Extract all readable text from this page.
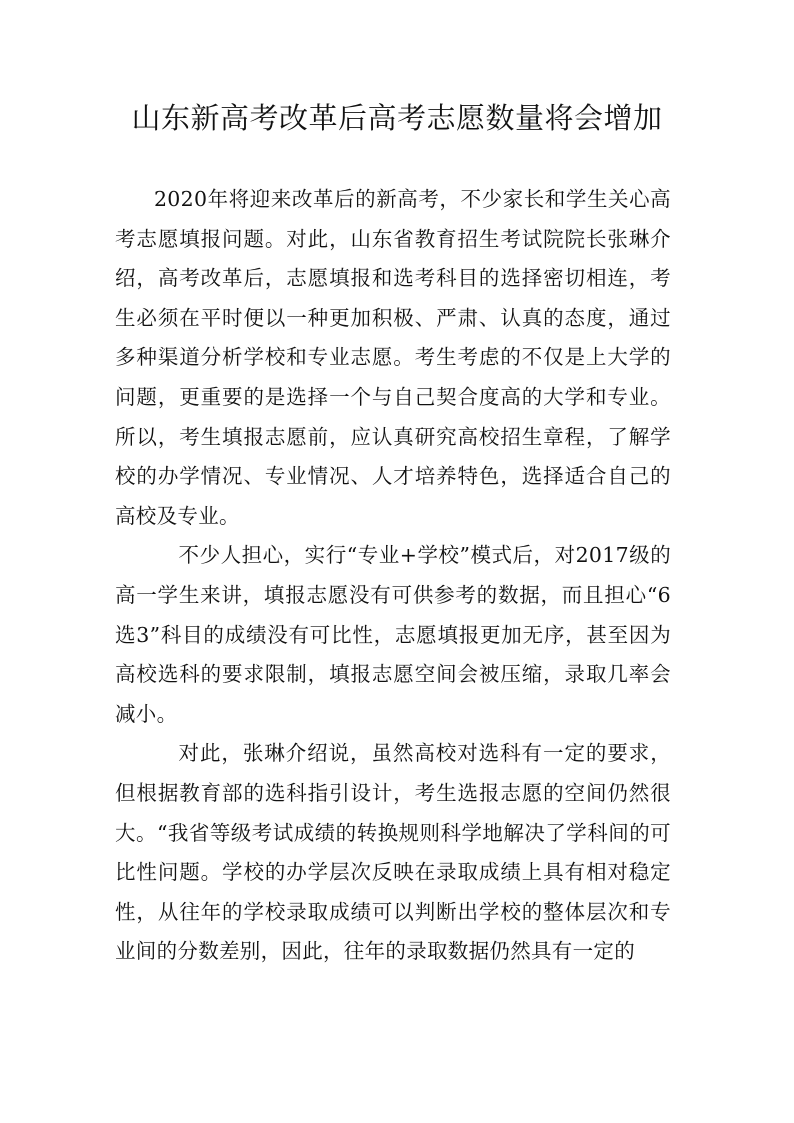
山东新高考改革后高考志愿数量将会增加

2020年将迎来改革后的新高考，不少家长和学生关心高考志愿填报问题。对此，山东省教育招生考试院院长张琳介绍，高考改革后，志愿填报和选考科目的选择密切相连，考生必须在平时便以一种更加积极、严肃、认真的态度，通过多种渠道分析学校和专业志愿。考生考虑的不仅是上大学的问题，更重要的是选择一个与自己契合度高的大学和专业。所以，考生填报志愿前，应认真研究高校招生章程，了解学校的办学情况、专业情况、人才培养特色，选择适合自己的高校及专业。

不少人担心，实行“专业+学校”模式后，对2017级的高一学生来讲，填报志愿没有可供参考的数据，而且担心“6选3”科目的成绩没有可比性，志愿填报更加无序，甚至因为高校选科的要求限制，填报志愿空间会被压缩，录取几率会减小。

对此，张琳介绍说，虽然高校对选科有一定的要求，但根据教育部的选科指引设计，考生选报志愿的空间仍然很大。“我省等级考试成绩的转换规则科学地解决了学科间的可比性问题。学校的办学层次反映在录取成绩上具有相对稳定性，从往年的学校录取成绩可以判断出学校的整体层次和专业间的分数差别，因此，往年的录取数据仍然具有一定的
